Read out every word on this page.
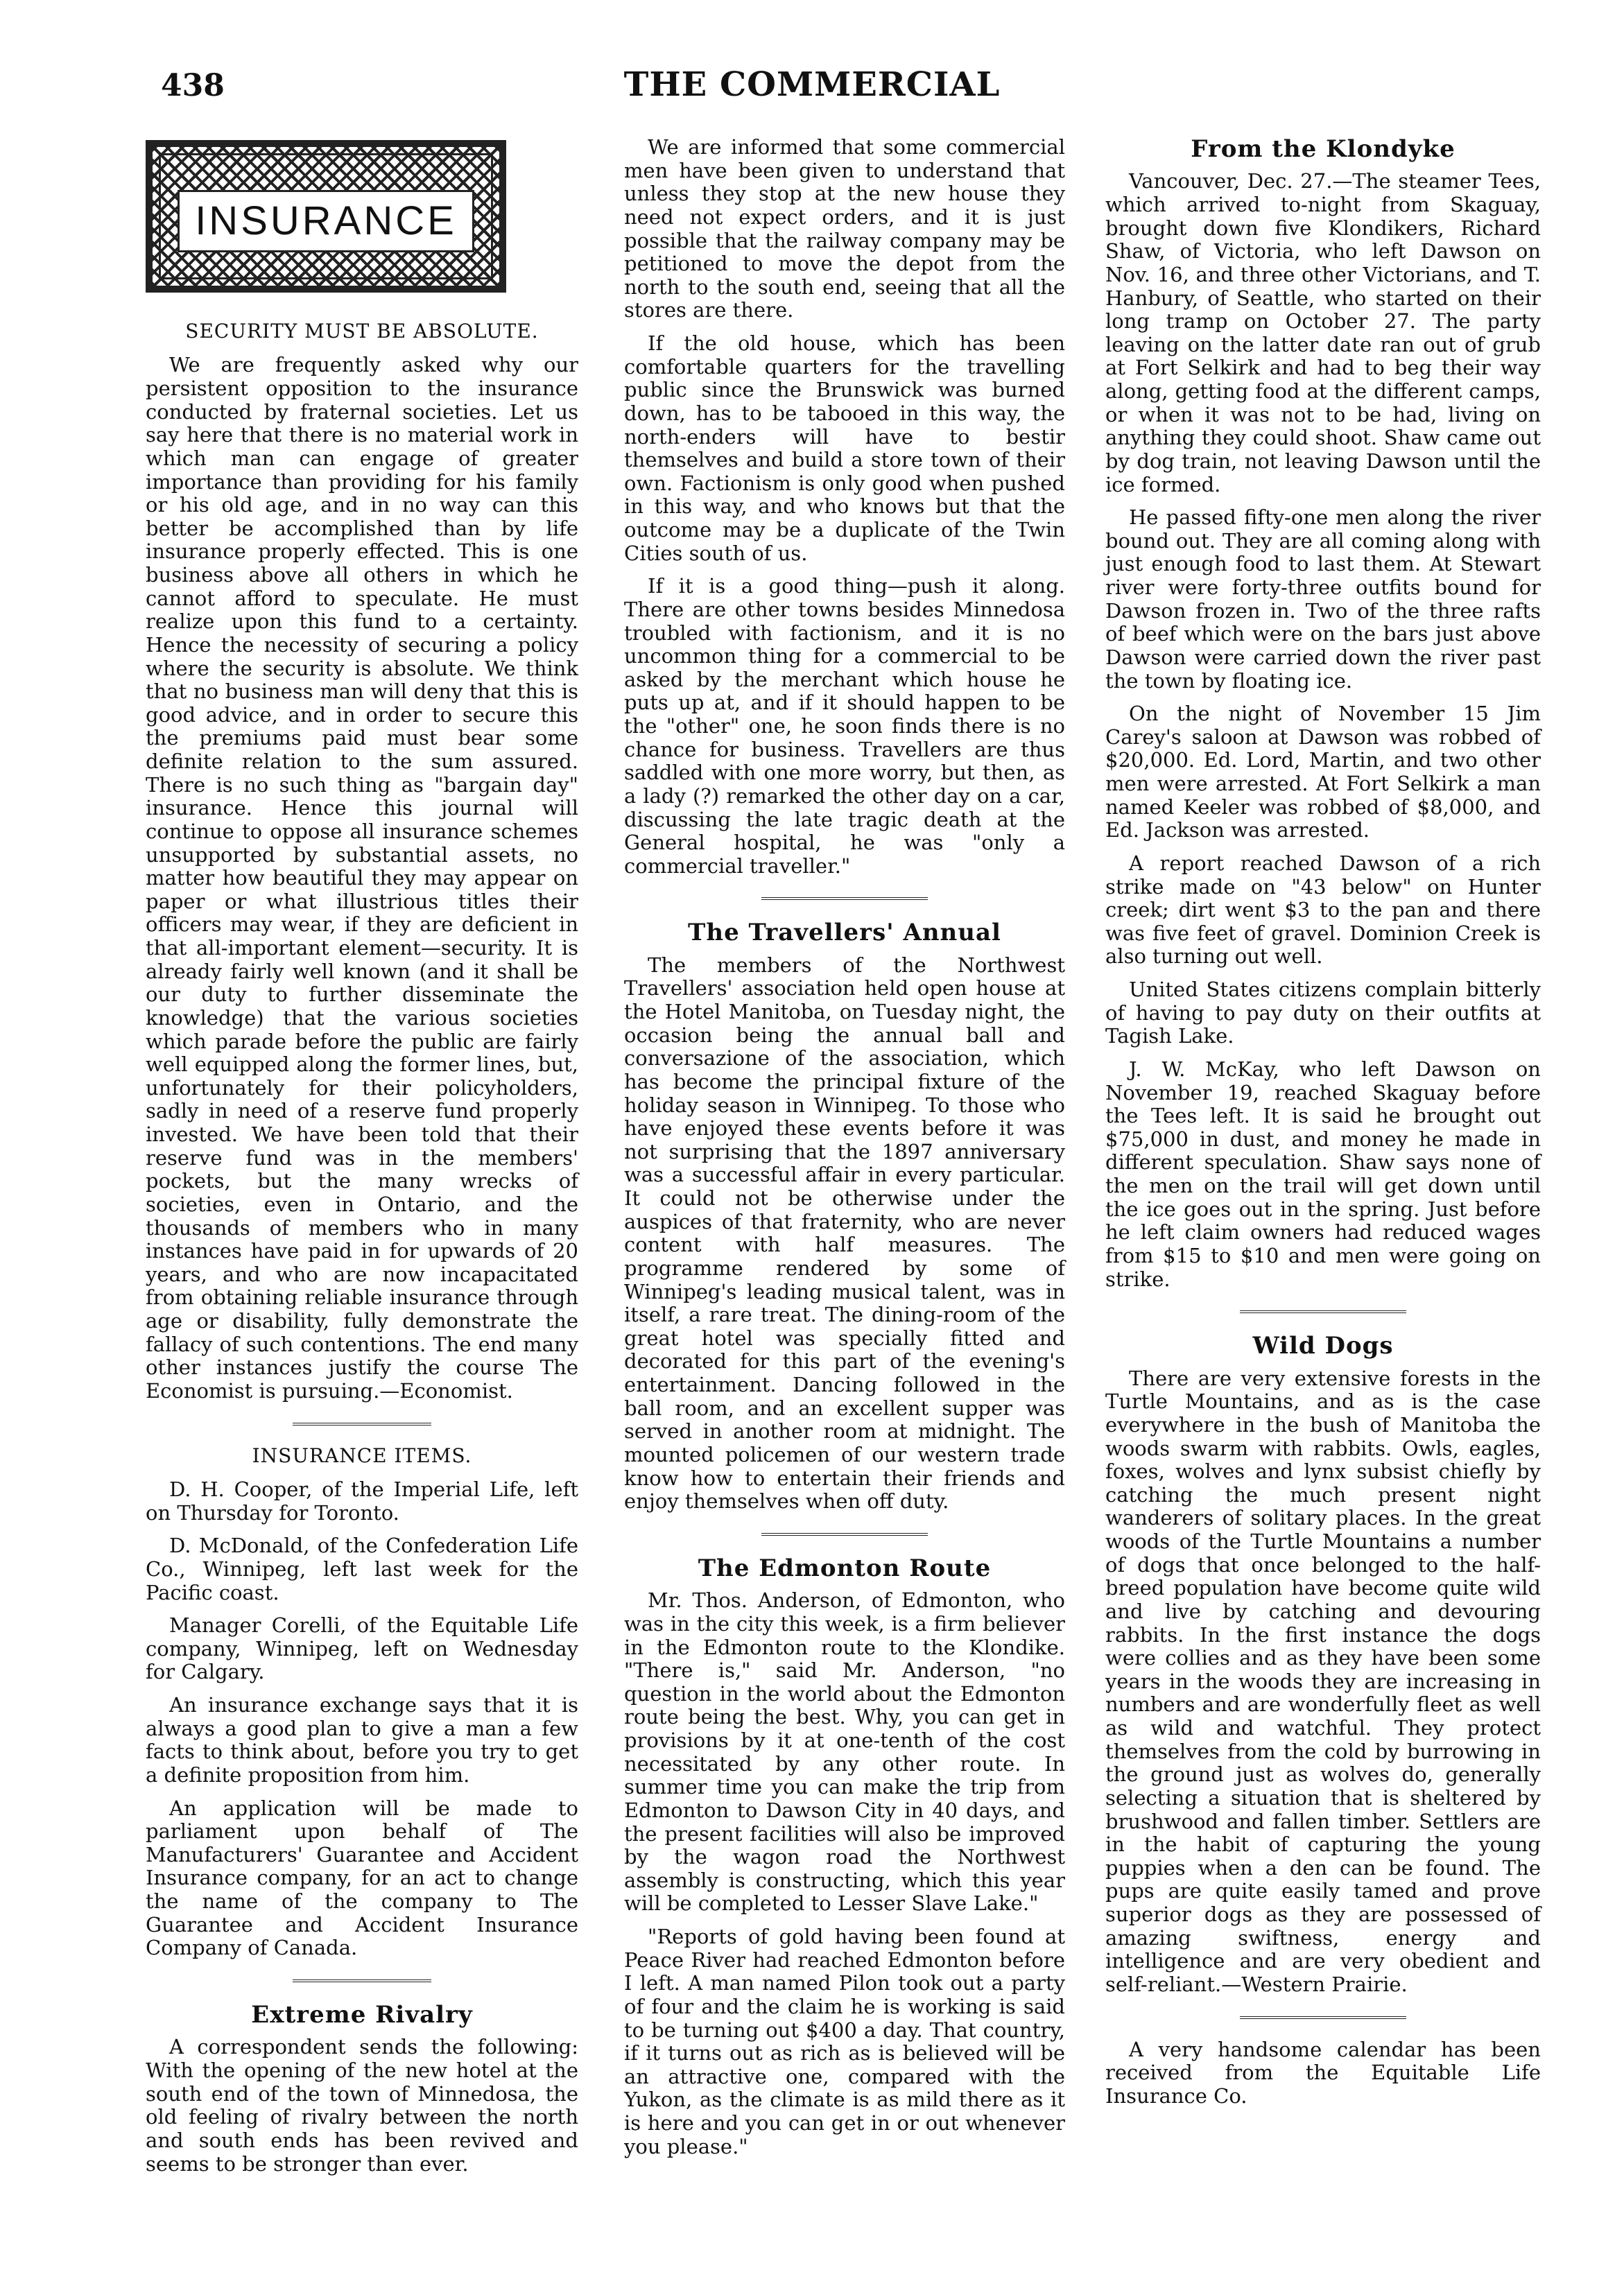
438	THE COMMERCIAL
INSURANCE
SECURITY MUST BE ABSOLUTE.

We are frequently asked why our persistent opposition to the insurance conducted by fraternal societies. Let us say here that there is no material work in which man can engage of greater importance than providing for his family or his old age, and in no way can this better be accomplished than by life insurance properly effected. This is one business above all others in which he cannot afford to speculate. He must realize upon this fund to a certainty. Hence the necessity of securing a policy where the security is absolute. We think that no business man will deny that this is good advice, and in order to secure this the premiums paid must bear some definite relation to the sum assured. There is no such thing as "bargain day" insurance. Hence this journal will continue to oppose all insurance schemes unsupported by substantial assets, no matter how beautiful they may appear on paper or what illustrious titles their officers may wear, if they are deficient in that all-important element—security. It is already fairly well known (and it shall be our duty to further disseminate the knowledge) that the various societies which parade before the public are fairly well equipped along the former lines, but, unfortunately for their policyholders, sadly in need of a reserve fund properly invested. We have been told that their reserve fund was in the members' pockets, but the many wrecks of societies, even in Ontario, and the thousands of members who in many instances have paid in for upwards of 20 years, and who are now incapacitated from obtaining reliable insurance through age or disability, fully demonstrate the fallacy of such contentions. The end many other instances justify the course The Economist is pursuing.—Economist.

INSURANCE ITEMS.

D. H. Cooper, of the Imperial Life, left on Thursday for Toronto.

D. McDonald, of the Confederation Life Co., Winnipeg, left last week for the Pacific coast.

Manager Corelli, of the Equitable Life company, Winnipeg, left on Wednesday for Calgary.

An insurance exchange says that it is always a good plan to give a man a few facts to think about, before you try to get a definite proposition from him.

An application will be made to parliament upon behalf of The Manufacturers' Guarantee and Accident Insurance company, for an act to change the name of the company to The Guarantee and Accident Insurance Company of Canada.

Extreme Rivalry

A correspondent sends the following: With the opening of the new hotel at the south end of the town of Minnedosa, the old feeling of rivalry between the north and south ends has been revived and seems to be stronger than ever.

We are informed that some commercial men have been given to understand that unless they stop at the new house they need not expect orders, and it is just possible that the railway company may be petitioned to move the depot from the north to the south end, seeing that all the stores are there.

If the old house, which has been comfortable quarters for the travelling public since the Brunswick was burned down, has to be tabooed in this way, the north-enders will have to bestir themselves and build a store town of their own. Factionism is only good when pushed in this way, and who knows but that the outcome may be a duplicate of the Twin Cities south of us.

If it is a good thing—push it along. There are other towns besides Minnedosa troubled with factionism, and it is no uncommon thing for a commercial to be asked by the merchant which house he puts up at, and if it should happen to be the "other" one, he soon finds there is no chance for business. Travellers are thus saddled with one more worry, but then, as a lady (?) remarked the other day on a car, discussing the late tragic death at the General hospital, he was "only a commercial traveller."

The Travellers' Annual

The members of the Northwest Travellers' association held open house at the Hotel Manitoba, on Tuesday night, the occasion being the annual ball and conversazione of the association, which has become the principal fixture of the holiday season in Winnipeg. To those who have enjoyed these events before it was not surprising that the 1897 anniversary was a successful affair in every particular. It could not be otherwise under the auspices of that fraternity, who are never content with half measures. The programme rendered by some of Winnipeg's leading musical talent, was in itself, a rare treat. The dining-room of the great hotel was specially fitted and decorated for this part of the evening's entertainment. Dancing followed in the ball room, and an excellent supper was served in another room at midnight. The mounted policemen of our western trade know how to entertain their friends and enjoy themselves when off duty.

The Edmonton Route

Mr. Thos. Anderson, of Edmonton, who was in the city this week, is a firm believer in the Edmonton route to the Klondike. "There is," said Mr. Anderson, "no question in the world about the Edmonton route being the best. Why, you can get in provisions by it at one-tenth of the cost necessitated by any other route. In summer time you can make the trip from Edmonton to Dawson City in 40 days, and the present facilities will also be improved by the wagon road the Northwest assembly is constructing, which this year will be completed to Lesser Slave Lake."

"Reports of gold having been found at Peace River had reached Edmonton before I left. A man named Pilon took out a party of four and the claim he is working is said to be turning out $400 a day. That country, if it turns out as rich as is believed will be an attractive one, compared with the Yukon, as the climate is as mild there as it is here and you can get in or out whenever you please."

From the Klondyke

Vancouver, Dec. 27.—The steamer Tees, which arrived to-night from Skaguay, brought down five Klondikers, Richard Shaw, of Victoria, who left Dawson on Nov. 16, and three other Victorians, and T. Hanbury, of Seattle, who started on their long tramp on October 27. The party leaving on the latter date ran out of grub at Fort Selkirk and had to beg their way along, getting food at the different camps, or when it was not to be had, living on anything they could shoot. Shaw came out by dog train, not leaving Dawson until the ice formed.

He passed fifty-one men along the river bound out. They are all coming along with just enough food to last them. At Stewart river were forty-three outfits bound for Dawson frozen in. Two of the three rafts of beef which were on the bars just above Dawson were carried down the river past the town by floating ice.

On the night of November 15 Jim Carey's saloon at Dawson was robbed of $20,000. Ed. Lord, Martin, and two other men were arrested. At Fort Selkirk a man named Keeler was robbed of $8,000, and Ed. Jackson was arrested.

A report reached Dawson of a rich strike made on "43 below" on Hunter creek; dirt went $3 to the pan and there was five feet of gravel. Dominion Creek is also turning out well.

United States citizens complain bitterly of having to pay duty on their outfits at Tagish Lake.

J. W. McKay, who left Dawson on November 19, reached Skaguay before the Tees left. It is said he brought out $75,000 in dust, and money he made in different speculation. Shaw says none of the men on the trail will get down until the ice goes out in the spring. Just before he left claim owners had reduced wages from $15 to $10 and men were going on strike.

Wild Dogs

There are very extensive forests in the Turtle Mountains, and as is the case everywhere in the bush of Manitoba the woods swarm with rabbits. Owls, eagles, foxes, wolves and lynx subsist chiefly by catching the much present night wanderers of solitary places. In the great woods of the Turtle Mountains a number of dogs that once belonged to the half-breed population have become quite wild and live by catching and devouring rabbits. In the first instance the dogs were collies and as they have been some years in the woods they are increasing in numbers and are wonderfully fleet as well as wild and watchful. They protect themselves from the cold by burrowing in the ground just as wolves do, generally selecting a situation that is sheltered by brushwood and fallen timber. Settlers are in the habit of capturing the young puppies when a den can be found. The pups are quite easily tamed and prove superior dogs as they are possessed of amazing swiftness, energy and intelligence and are very obedient and self-reliant.—Western Prairie.

A very handsome calendar has been received from the Equitable Life Insurance Co.
